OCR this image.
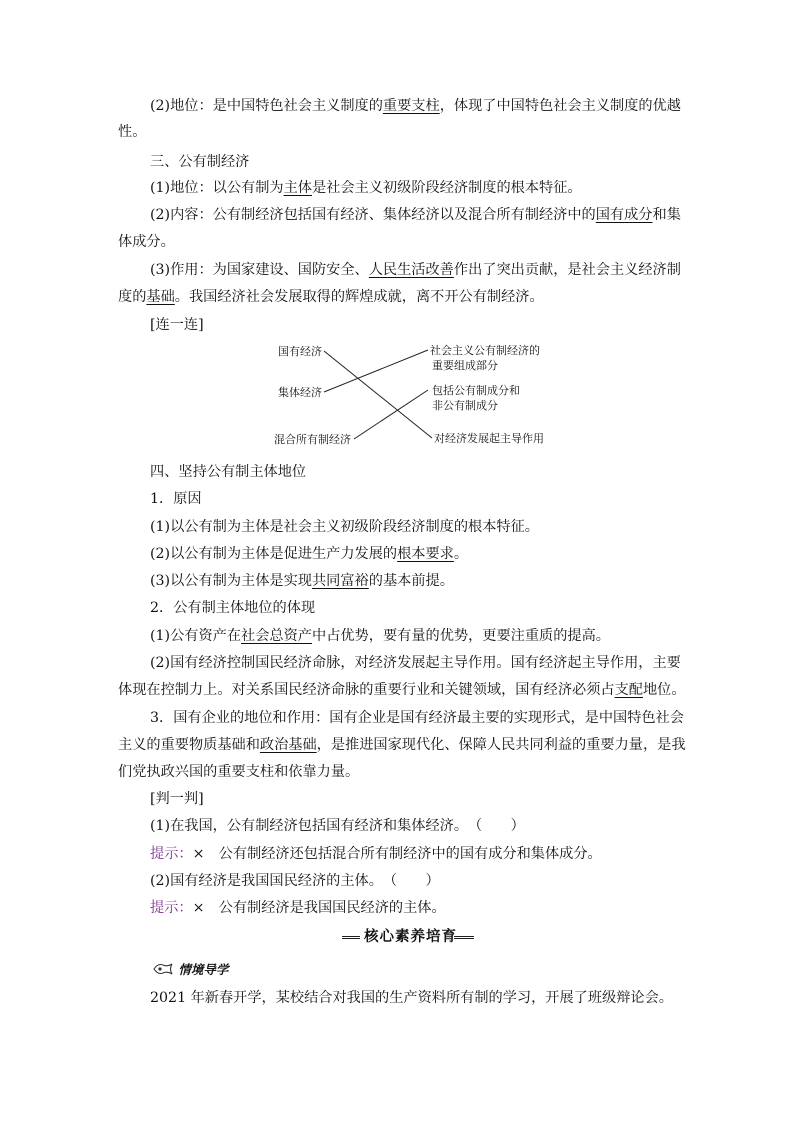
(2)地位：是中国特色社会主义制度的重要支柱，体现了中国特色社会主义制度的优越
性。
三、公有制经济
(1)地位：以公有制为主体是社会主义初级阶段经济制度的根本特征。
(2)内容：公有制经济包括国有经济、集体经济以及混合所有制经济中的国有成分和集
体成分。
(3)作用：为国家建设、国防安全、人民生活改善作出了突出贡献，是社会主义经济制
度的基础。我国经济社会发展取得的辉煌成就，离不开公有制经济。
[连一连]
国有经济
集体经济
混合所有制经济
社会主义公有制经济的
重要组成部分
包括公有制成分和
非公有制成分
对经济发展起主导作用
四、坚持公有制主体地位
1．原因
(1)以公有制为主体是社会主义初级阶段经济制度的根本特征。
(2)以公有制为主体是促进生产力发展的根本要求。
(3)以公有制为主体是实现共同富裕的基本前提。
2．公有制主体地位的体现
(1)公有资产在社会总资产中占优势，要有量的优势，更要注重质的提高。
(2)国有经济控制国民经济命脉，对经济发展起主导作用。国有经济起主导作用，主要
体现在控制力上。对关系国民经济命脉的重要行业和关键领域，国有经济必须占支配地位。
3．国有企业的地位和作用：国有企业是国有经济最主要的实现形式，是中国特色社会
主义的重要物质基础和政治基础，是推进国家现代化、保障人民共同利益的重要力量，是我
们党执政兴国的重要支柱和依靠力量。
[判一判]
(1)在我国，公有制经济包括国有经济和集体经济。　（　　）
提示：×　公有制经济还包括混合所有制经济中的国有成分和集体成分。
(2)国有经济是我国国民经济的主体。　（　　）
提示：×　公有制经济是我国国民经济的主体。
核心素养培育
情境导学
2021 年新春开学，某校结合对我国的生产资料所有制的学习，开展了班级辩论会。
